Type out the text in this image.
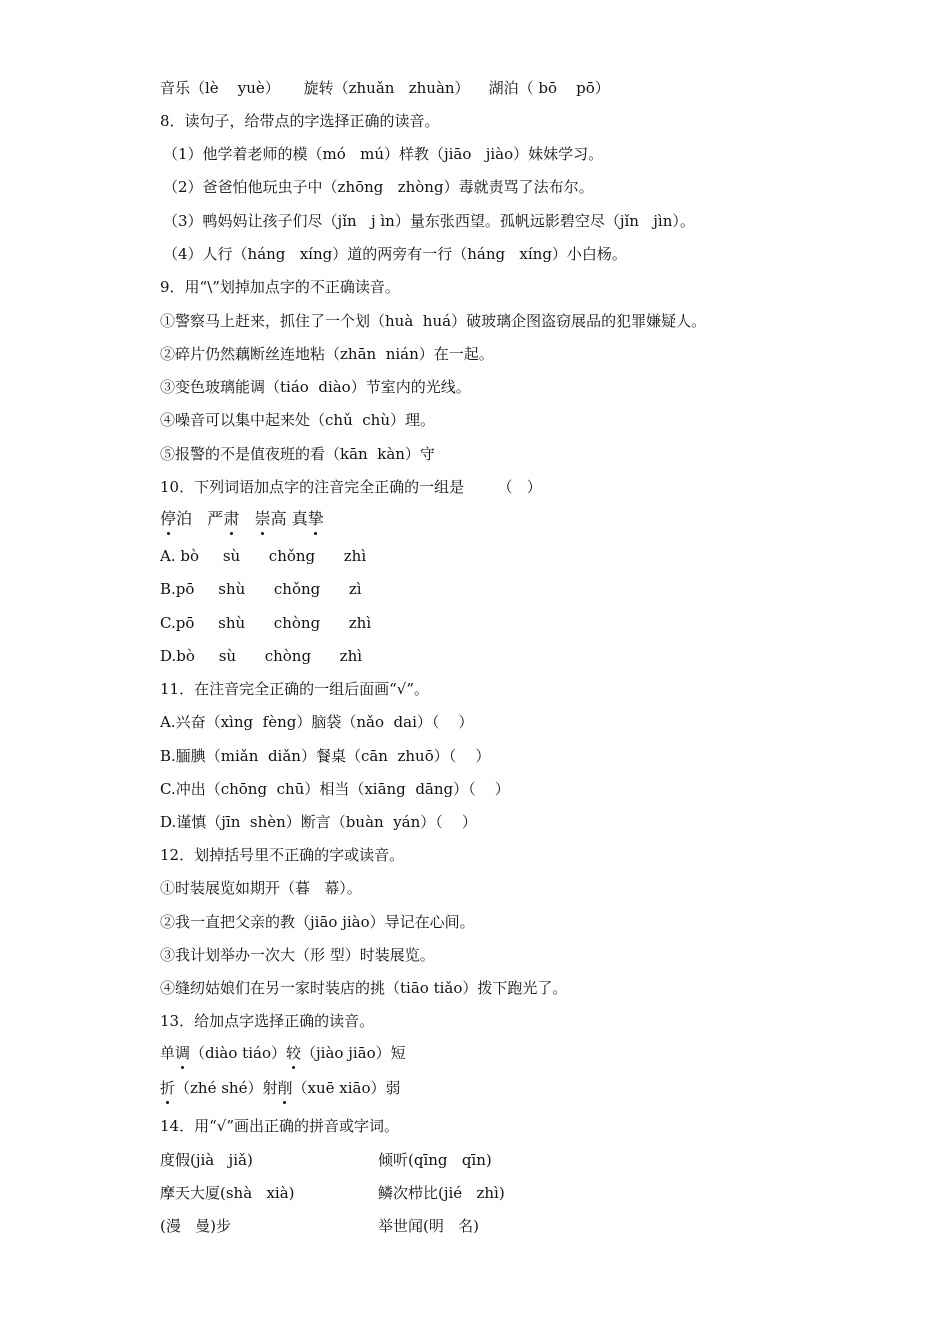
音乐（lè    yuè）     旋转（zhuǎn   zhuàn）    湖泊（ bō    pō）
8．读句子，给带点的字选择正确的读音。
（1）他学着老师的模（mó   mú）样教（jiāo   jiào）妹妹学习。
（2）爸爸怕他玩虫子中（zhōng   zhòng）毒就责骂了法布尔。
（3）鸭妈妈让孩子们尽（jǐn   j ìn）量东张西望。孤帆远影碧空尽（jǐn   jìn）。
（4）人行（háng   xíng）道的两旁有一行（háng   xíng）小白杨。
9．用“\”划掉加点字的不正确读音。
①警察马上赶来，抓住了一个划（huà  huá）破玻璃企图盗窃展品的犯罪嫌疑人。
②碎片仍然藕断丝连地粘（zhān  nián）在一起。
③变色玻璃能调（tiáo  diào）节室内的光线。
④噪音可以集中起来处（chǔ  chù）理。
⑤报警的不是值夜班的看（kān  kàn）守
10．下列词语加点字的注音完全正确的一组是       （   ）
停泊 严肃 崇高 真挚
A. bò     sù      chǒng      zhì
B.pō     shù      chǒng      zì
C.pō     shù      chòng      zhì
D.bò     sù      chòng      zhì
11．在注音完全正确的一组后面画“√”。
A.兴奋（xìng  fèng）脑袋（nǎo  dai）（    ）
B.腼腆（miǎn  diǎn）餐桌（cān  zhuō）（    ）
C.冲出（chōng  chū）相当（xiāng  dāng）（    ）
D.谨慎（jīn  shèn）断言（buàn  yán）（    ）
12．划掉括号里不正确的字或读音。
①时装展览如期开（暮   幕）。
②我一直把父亲的教（jiāo jiào）导记在心间。
③我计划举办一次大（形 型）时装展览。
④缝纫姑娘们在另一家时装店的挑（tiāo tiǎo）拨下跑光了。
13．给加点字选择正确的读音。
单调（diào tiáo）较（jiào jiāo）短
折（zhé shé）射削（xuē xiāo）弱
14．用“√”画出正确的拼音或字词。
度假(jià   jiǎ)	倾听(qīng   qīn)
摩天大厦(shà   xià)	鳞次栉比(jié   zhì)
(漫   曼)步	举世闻(明   名)
